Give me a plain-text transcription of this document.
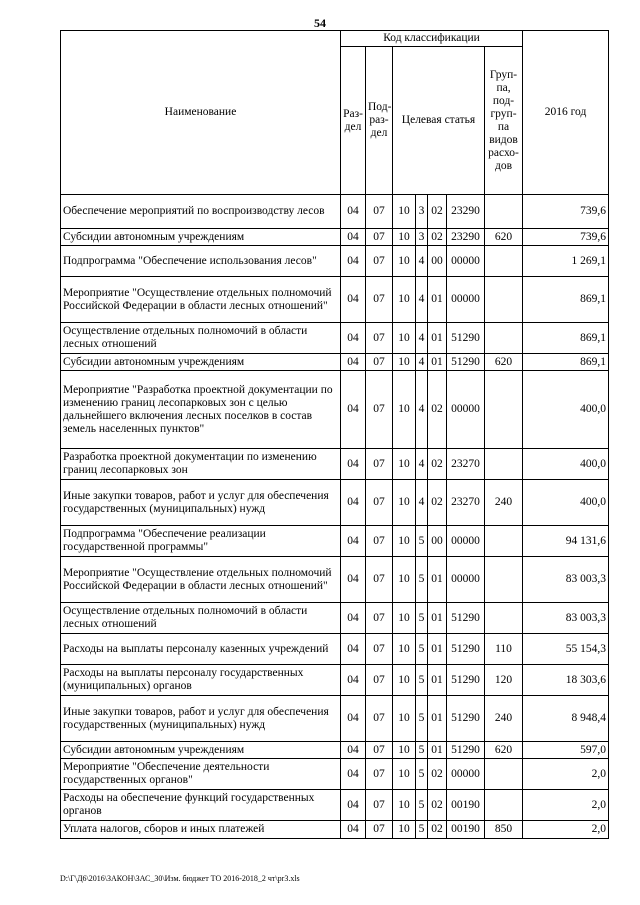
54
Наименование	Код классификации							2016 год
	Раз-дел	Под-раз-дел	Целевая статья				Груп-па, под-груп-па видов расхо-дов	
Обеспечение мероприятий по воспроизводству лесов	04	07	10	3	02	23290		739,6
Субсидии автономным учреждениям	04	07	10	3	02	23290	620	739,6
Подпрограмма "Обеспечение использования лесов"	04	07	10	4	00	00000		1 269,1
Мероприятие "Осуществление отдельных полномочий Российской Федерации в области лесных отношений"	04	07	10	4	01	00000		869,1
Осуществление отдельных полномочий в области лесных отношений	04	07	10	4	01	51290		869,1
Субсидии автономным учреждениям	04	07	10	4	01	51290	620	869,1
Мероприятие "Разработка проектной документации по изменению границ лесопарковых зон с целью дальнейшего включения лесных поселков в состав земель населенных пунктов"	04	07	10	4	02	00000		400,0
Разработка проектной документации по изменению границ лесопарковых зон	04	07	10	4	02	23270		400,0
Иные закупки товаров, работ и услуг для обеспечения государственных (муниципальных) нужд	04	07	10	4	02	23270	240	400,0
Подпрограмма "Обеспечение реализации государственной программы"	04	07	10	5	00	00000		94 131,6
Мероприятие "Осуществление отдельных полномочий Российской Федерации в области лесных отношений"	04	07	10	5	01	00000		83 003,3
Осуществление отдельных полномочий в области лесных отношений	04	07	10	5	01	51290		83 003,3
Расходы на выплаты персоналу казенных учреждений	04	07	10	5	01	51290	110	55 154,3
Расходы на выплаты персоналу государственных (муниципальных) органов	04	07	10	5	01	51290	120	18 303,6
Иные закупки товаров, работ и услуг для обеспечения государственных (муниципальных) нужд	04	07	10	5	01	51290	240	8 948,4
Субсидии автономным учреждениям	04	07	10	5	01	51290	620	597,0
Мероприятие "Обеспечение деятельности государственных органов"	04	07	10	5	02	00000		2,0
Расходы на обеспечение функций государственных органов	04	07	10	5	02	00190		2,0
Уплата налогов, сборов и иных платежей	04	07	10	5	02	00190	850	2,0
D:\Г\Д6\2016\ЗАКОН\ЗАС_30\Изм. бюджет ТО 2016-2018_2 чт\pr3.xls
